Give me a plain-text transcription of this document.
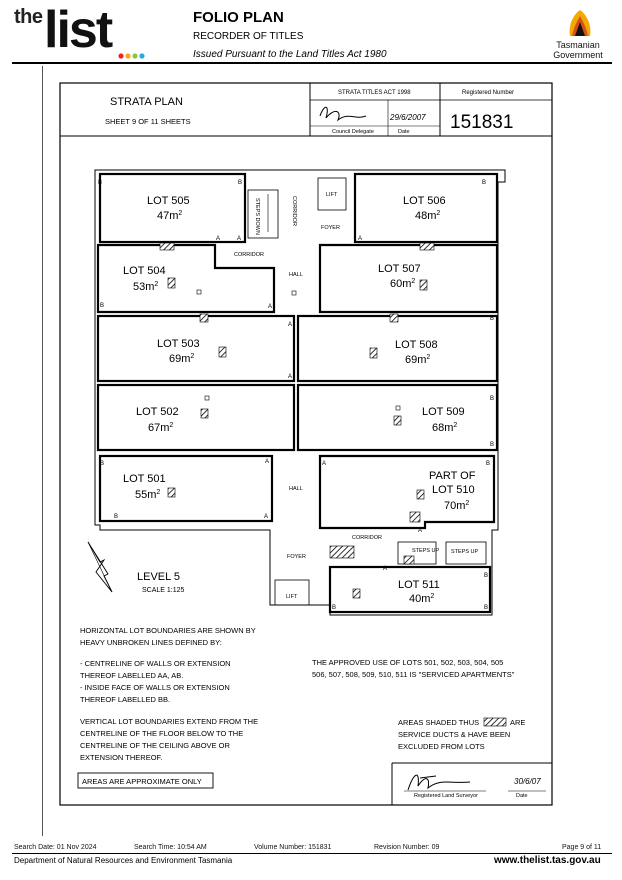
the list	FOLIO PLAN
RECORDER OF TITLES
Issued Pursuant to the Land Titles Act 1980
Tasmanian
Government
STRATA PLAN
SHEET 9 OF 11 SHEETS
STRATA TITLES ACT 1998	Registered Number
151831
29/6/2007
Council Delegate	Date
LOT 505
$47m^2$
LOT 506
$48m^2$
STEPS DOWN	CORRIDOR
LIFT
FOYER
LOT 504
$53m^2$
CORRIDOR
HALL	LOT 507
$60m^2$
LOT 503
$69m^2$
LOT 508
$69m^2$
LOT 502
$67m^2$
LOT 509
$68m^2$
LOT 501
$55m^2$	HALL
PART OF
LOT 510
$70m^2$
CORRIDOR
FOYER
LIFT
STEPS UP STEPS UP
LOT 511
$40m^2$
B	B
A	A
B
A
A
A
A
B
B
B
B
B
B
A
A
A	B
A
B
B
B
A
LEVEL 5
SCALE 1:125
HORIZONTAL LOT BOUNDARIES ARE SHOWN BY
HEAVY UNBROKEN LINES DEFINED BY:
- CENTRELINE OF WALLS OR EXTENSION
THEREOF LABELLED AA, AB.
- INSIDE FACE OF WALLS OR EXTENSION
THEREOF LABELLED BB.
VERTICAL LOT BOUNDARIES EXTEND FROM THE
CENTRELINE OF THE FLOOR BELOW TO THE
CENTRELINE OF THE CEILING ABOVE OR
EXTENSION THEREOF.
AREAS ARE APPROXIMATE ONLY
THE APPROVED USE OF LOTS 501, 502, 503, 504, 505
506, 507, 508, 509, 510, 511 IS "SERVICED APARTMENTS"
AREAS SHADED THUS	ARE
SERVICE DUCTS & HAVE BEEN
EXCLUDED FROM LOTS
30/6/07
Registered Land Surveyor	Date
Search Date: 01 Nov 2024	Search Time: 10:54 AM	Volume Number: 151831	Revision Number: 09	Page 9 of 11
Department of Natural Resources and Environment Tasmania	www.thelist.tas.gov.au
